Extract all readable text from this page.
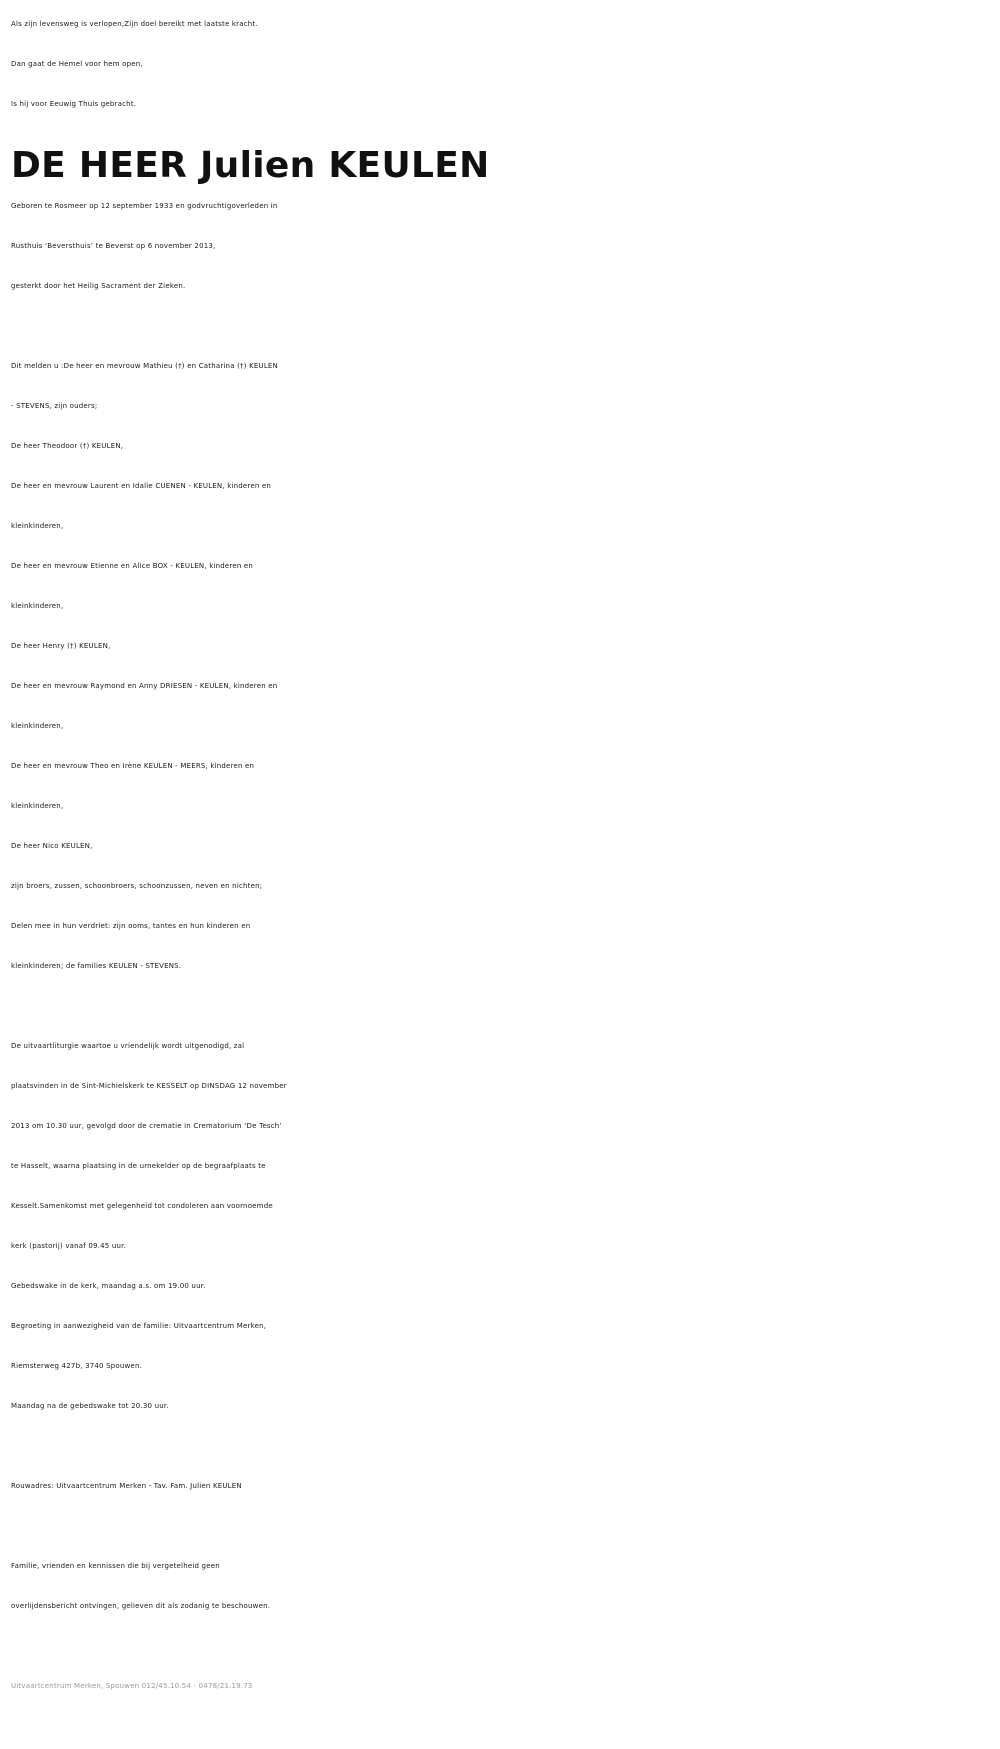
Als zijn levensweg is verlopen,Zijn doel bereikt met laatste kracht.
Dan gaat de Hemel voor hem open,
Is hij voor Eeuwig Thuis gebracht.
DE HEER Julien KEULEN
Geboren te Rosmeer op 12 september 1933 en godvruchtigoverleden in
Rusthuis ‘Beversthuis’ te Beverst op 6 november 2013,
gesterkt door het Heilig Sacrament der Zieken.
Dit melden u :De heer en mevrouw Mathieu (†) en Catharina (†) KEULEN
- STEVENS, zijn ouders;
De heer Theodoor (†) KEULEN,
De heer en mevrouw Laurent en Idalie CUENEN - KEULEN, kinderen en
kleinkinderen,
De heer en mevrouw Etienne en Alice BOX - KEULEN, kinderen en
kleinkinderen,
De heer Henry (†) KEULEN,
De heer en mevrouw Raymond en Anny DRIESEN - KEULEN, kinderen en
kleinkinderen,
De heer en mevrouw Theo en Irène KEULEN - MEERS, kinderen en
kleinkinderen,
De heer Nico KEULEN,
zijn broers, zussen, schoonbroers, schoonzussen, neven en nichten;
Delen mee in hun verdriet: zijn ooms, tantes en hun kinderen en
kleinkinderen; de families KEULEN - STEVENS.
De uitvaartliturgie waartoe u vriendelijk wordt uitgenodigd, zal
plaatsvinden in de Sint-Michielskerk te KESSELT op DINSDAG 12 november
2013 om 10.30 uur, gevolgd door de crematie in Crematorium ‘De Tesch’
te Hasselt, waarna plaatsing in de urnekelder op de begraafplaats te
Kesselt.Samenkomst met gelegenheid tot condoleren aan voornoemde
kerk (pastorij) vanaf 09.45 uur.
Gebedswake in de kerk, maandag a.s. om 19.00 uur.
Begroeting in aanwezigheid van de familie: Uitvaartcentrum Merken,
Riemsterweg 427b, 3740 Spouwen.
Maandag na de gebedswake tot 20.30 uur.
Rouwadres: Uitvaartcentrum Merken - Tav. Fam. Julien KEULEN
Familie, vrienden en kennissen die bij vergetelheid geen
overlijdensbericht ontvingen, gelieven dit als zodanig te beschouwen.
Uitvaartcentrum Merken, Spouwen 012/45.10.54 - 0478/21.19.73
